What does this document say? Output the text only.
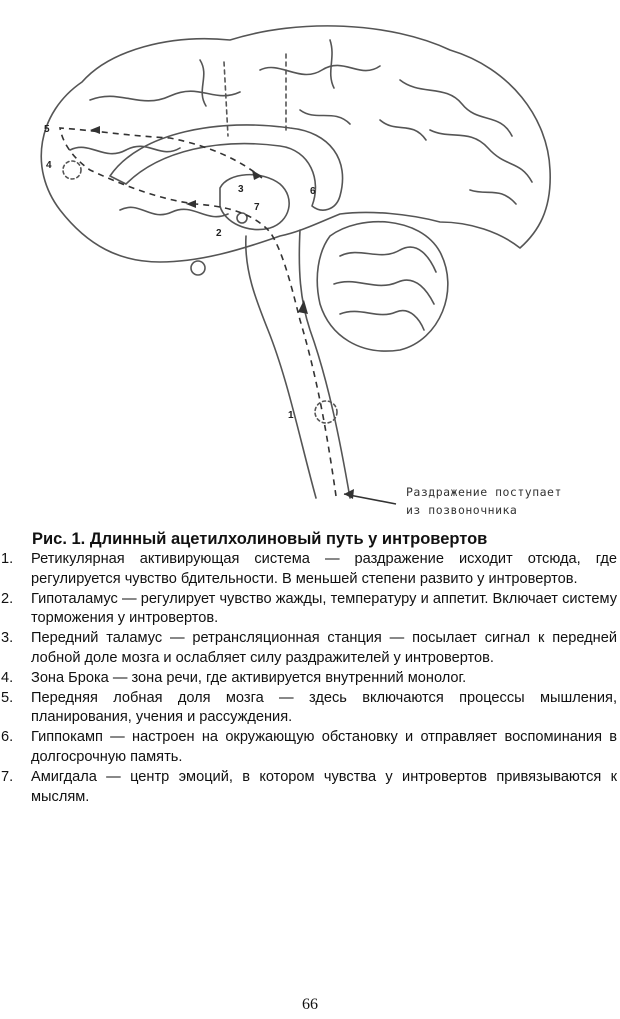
1
2
3
4
5
6
7
Раздражение поступает
из позвоночника
Рис. 1. Длинный ацетилхолиновый путь у интровертов
1. Ретикулярная активирующая система — раздражение исходит отсюда, где регулируется чувство бдительности. В меньшей степени развито у интровертов.
2. Гипоталамус — регулирует чувство жажды, температуру и аппетит. Включает систему торможения у интровертов.
3. Передний таламус — ретрансляционная станция — посылает сигнал к передней лобной доле мозга и ослабляет силу раздражителей у интровертов.
4. Зона Брока — зона речи, где активируется внутренний монолог.
5. Передняя лобная доля мозга — здесь включаются процессы мышления, планирования, учения и рассуждения.
6. Гиппокамп — настроен на окружающую обстановку и отправляет воспоминания в долгосрочную память.
7. Амигдала — центр эмоций, в котором чувства у интровертов привязываются к мыслям.
66
